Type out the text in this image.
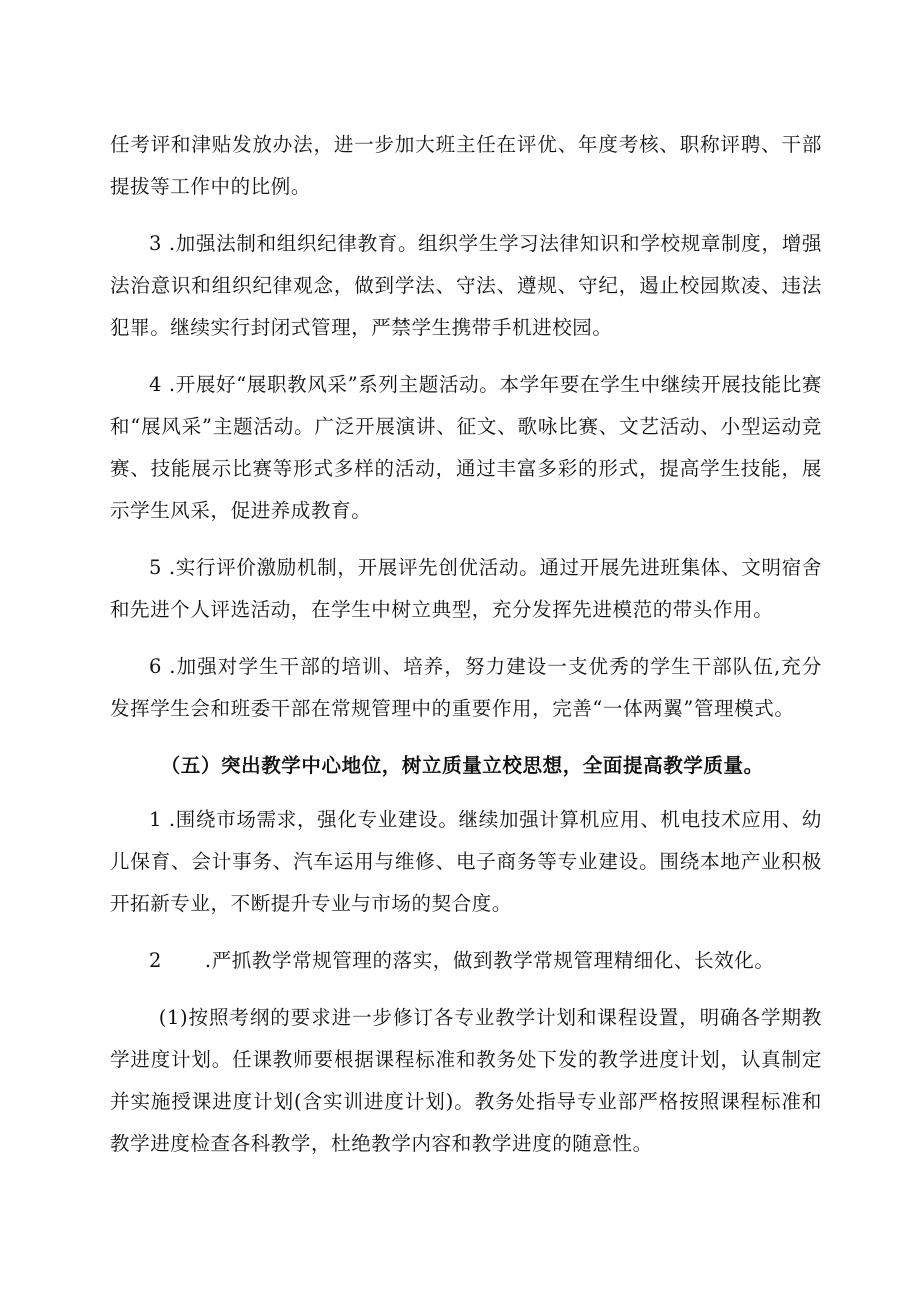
任考评和津贴发放办法，进一步加大班主任在评优、年度考核、职称评聘、干部提拔等工作中的比例。

3 .加强法制和组织纪律教育。组织学生学习法律知识和学校规章制度，增强法治意识和组织纪律观念，做到学法、守法、遵规、守纪，遏止校园欺凌、违法犯罪。继续实行封闭式管理，严禁学生携带手机进校园。

4 .开展好“展职教风采”系列主题活动。本学年要在学生中继续开展技能比赛和“展风采”主题活动。广泛开展演讲、征文、歌咏比赛、文艺活动、小型运动竞赛、技能展示比赛等形式多样的活动，通过丰富多彩的形式，提高学生技能，展示学生风采，促进养成教育。

5 .实行评价激励机制，开展评先创优活动。通过开展先进班集体、文明宿舍和先进个人评选活动，在学生中树立典型，充分发挥先进模范的带头作用。

6 .加强对学生干部的培训、培养，努力建设一支优秀的学生干部队伍,充分发挥学生会和班委干部在常规管理中的重要作用，完善“一体两翼”管理模式。

（五）突出教学中心地位，树立质量立校思想，全面提高教学质量。

1 .围绕市场需求，强化专业建设。继续加强计算机应用、机电技术应用、幼儿保育、会计事务、汽车运用与维修、电子商务等专业建设。围绕本地产业积极开拓新专业，不断提升专业与市场的契合度。

2 .严抓教学常规管理的落实，做到教学常规管理精细化、长效化。

(1)按照考纲的要求进一步修订各专业教学计划和课程设置，明确各学期教学进度计划。任课教师要根据课程标准和教务处下发的教学进度计划，认真制定并实施授课进度计划(含实训进度计划)。教务处指导专业部严格按照课程标准和教学进度检查各科教学，杜绝教学内容和教学进度的随意性。
